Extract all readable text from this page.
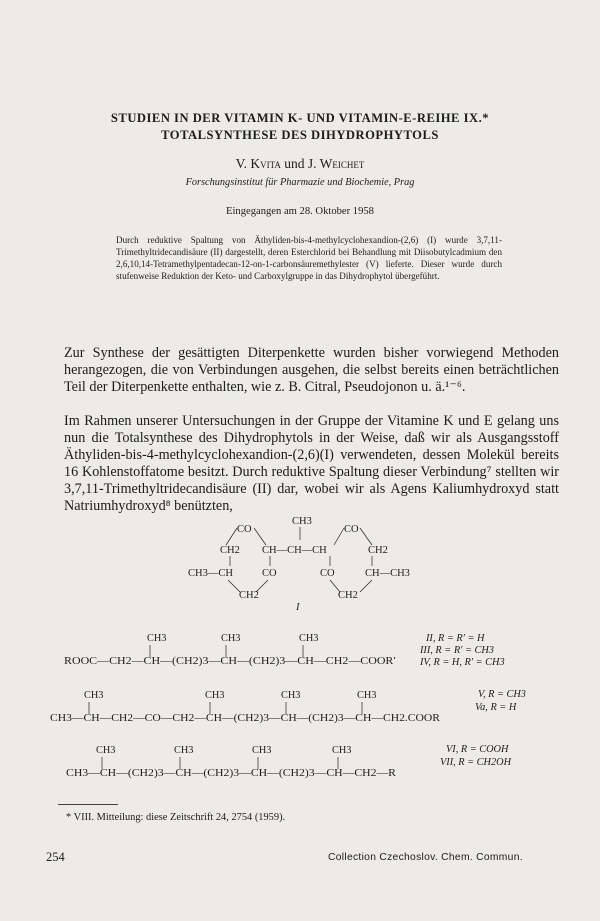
STUDIEN IN DER VITAMIN K- UND VITAMIN-E-REIHE IX.*
TOTALSYNTHESE DES DIHYDROPHYTOLS
V. Kvita und J. Weichet
Forschungsinstitut für Pharmazie und Biochemie, Prag
Eingegangen am 28. Oktober 1958
Durch reduktive Spaltung von Äthyliden-bis-4-methylcyclohexandion-(2,6) (I) wurde 3,7,11-Trimethyltridecandisäure (II) dargestellt, deren Esterchlorid bei Behandlung mit Diisobutylcadmium den 2,6,10,14-Tetramethylpentadecan-12-on-1-carbonsäuremethylester (V) lieferte. Dieser wurde durch stufenweise Reduktion der Keto- und Carboxylgruppe in das Dihydrophytol übergeführt.
Zur Synthese der gesättigten Diterpenkette wurden bisher vorwiegend Methoden herangezogen, die von Verbindungen ausgehen, die selbst bereits einen beträchtlichen Teil der Diterpenkette enthalten, wie z. B. Citral, Pseudojonon u. ä.¹⁻⁶.
Im Rahmen unserer Untersuchungen in der Gruppe der Vitamine K und E gelang uns nun die Totalsynthese des Dihydrophytols in der Weise, daß wir als Ausgangsstoff Äthyliden-bis-4-methylcyclohexandion-(2,6)(I) verwendeten, dessen Molekül bereits 16 Kohlenstoffatome besitzt. Durch reduktive Spaltung dieser Verbindung⁷ stellten wir 3,7,11-Trimethyltridecandisäure (II) dar, wobei wir als Agens Kaliumhydroxyd statt Natriumhydroxyd⁸ benützten,
CO
CH3
CO
CH2 CH—CH—CH	CH2
CH3—CH	CO	CO	CH—CH3
CH2	CH2
I
CH3	CH3	CH3
ROOC—CH2—CH—(CH2)3—CH—(CH2)3—CH—CH2—COOR′
II, R = R′ = H
III, R = R′ = CH3
IV, R = H, R′ = CH3
CH3	CH3	CH3	CH3
CH3—CH—CH2—CO—CH2—CH—(CH2)3—CH—(CH2)3—CH—CH2.COOR
V, R = CH3
Va, R = H
CH3	CH3	CH3	CH3
CH3—CH—(CH2)3—CH—(CH2)3—CH—(CH2)3—CH—CH2—R
VI, R = COOH
VII, R = CH2OH
* VIII. Mitteilung: diese Zeitschrift 24, 2754 (1959).
254	Collection Czechoslov. Chem. Commun.
